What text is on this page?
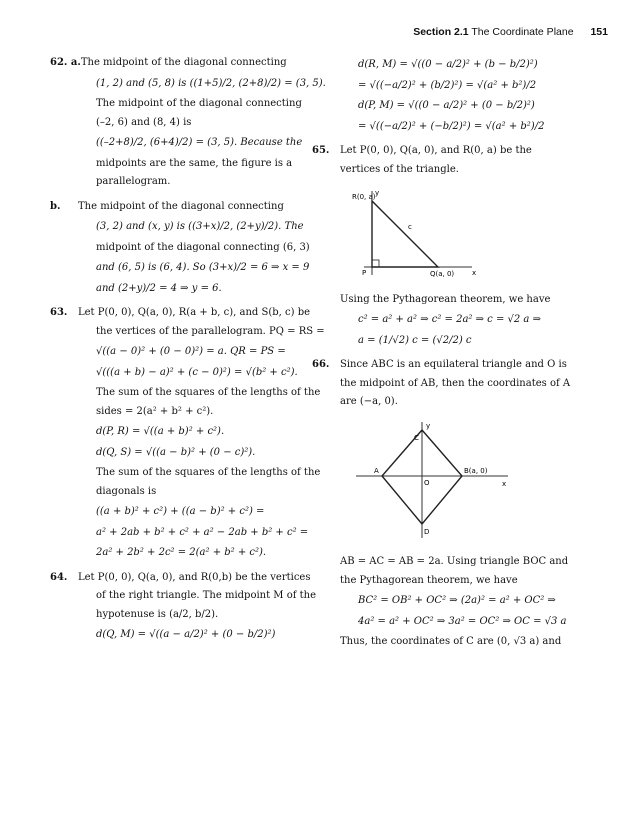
Section 2.1 The Coordinate Plane 151
62. a.The midpoint of the diagonal connecting
(1, 2) and (5, 8) is ((1+5)/2, (2+8)/2) = (3, 5).
The midpoint of the diagonal connecting
(–2, 6) and (8, 4) is
((–2+8)/2, (6+4)/2) = (3, 5). Because the
midpoints are the same, the figure is a
parallelogram.
b. The midpoint of the diagonal connecting
(3, 2) and (x, y) is ((3+x)/2, (2+y)/2). The
midpoint of the diagonal connecting (6, 3)
and (6, 5) is (6, 4). So (3+x)/2 = 6 ⇒ x = 9
and (2+y)/2 = 4 ⇒ y = 6.
63. Let P(0, 0), Q(a, 0), R(a + b, c), and S(b, c) be
the vertices of the parallelogram. PQ = RS =
√((a − 0)² + (0 − 0)²) = a. QR = PS =
√(((a + b) − a)² + (c − 0)²) = √(b² + c²).
The sum of the squares of the lengths of the
sides = 2(a² + b² + c²).
d(P, R) = √((a + b)² + c²).
d(Q, S) = √((a − b)² + (0 − c)²).
The sum of the squares of the lengths of the
diagonals is
((a + b)² + c²) + ((a − b)² + c²) =
a² + 2ab + b² + c² + a² − 2ab + b² + c² =
2a² + 2b² + 2c² = 2(a² + b² + c²).
64. Let P(0, 0), Q(a, 0), and R(0,b) be the vertices
of the right triangle. The midpoint M of the
hypotenuse is (a/2, b/2).
d(Q, M) = √((a − a/2)² + (0 − b/2)²)
d(R, M) = √((0 − a/2)² + (b − b/2)²)
= √((−a/2)² + (b/2)²) = √(a² + b²)/2
d(P, M) = √((0 − a/2)² + (0 − b/2)²)
= √((−a/2)² + (−b/2)²) = √(a² + b²)/2
65. Let P(0, 0), Q(a, 0), and R(0, a) be the
vertices of the triangle.
y
x
R(0, a)
P	Q(a, 0)
c
Using the Pythagorean theorem, we have
c² = a² + a² ⇒ c² = 2a² ⇒ c = √2 a ⇒
a = (1/√2) c = (√2/2) c
66. Since ABC is an equilateral triangle and O is
the midpoint of AB, then the coordinates of A
are (−a, 0).
y
x
C
A
O
B(a, 0)
D
AB = AC = AB = 2a. Using triangle BOC and
the Pythagorean theorem, we have
BC² = OB² + OC² ⇒ (2a)² = a² + OC² ⇒
4a² = a² + OC² ⇒ 3a² = OC² ⇒ OC = √3 a
Thus, the coordinates of C are (0, √3 a) and
